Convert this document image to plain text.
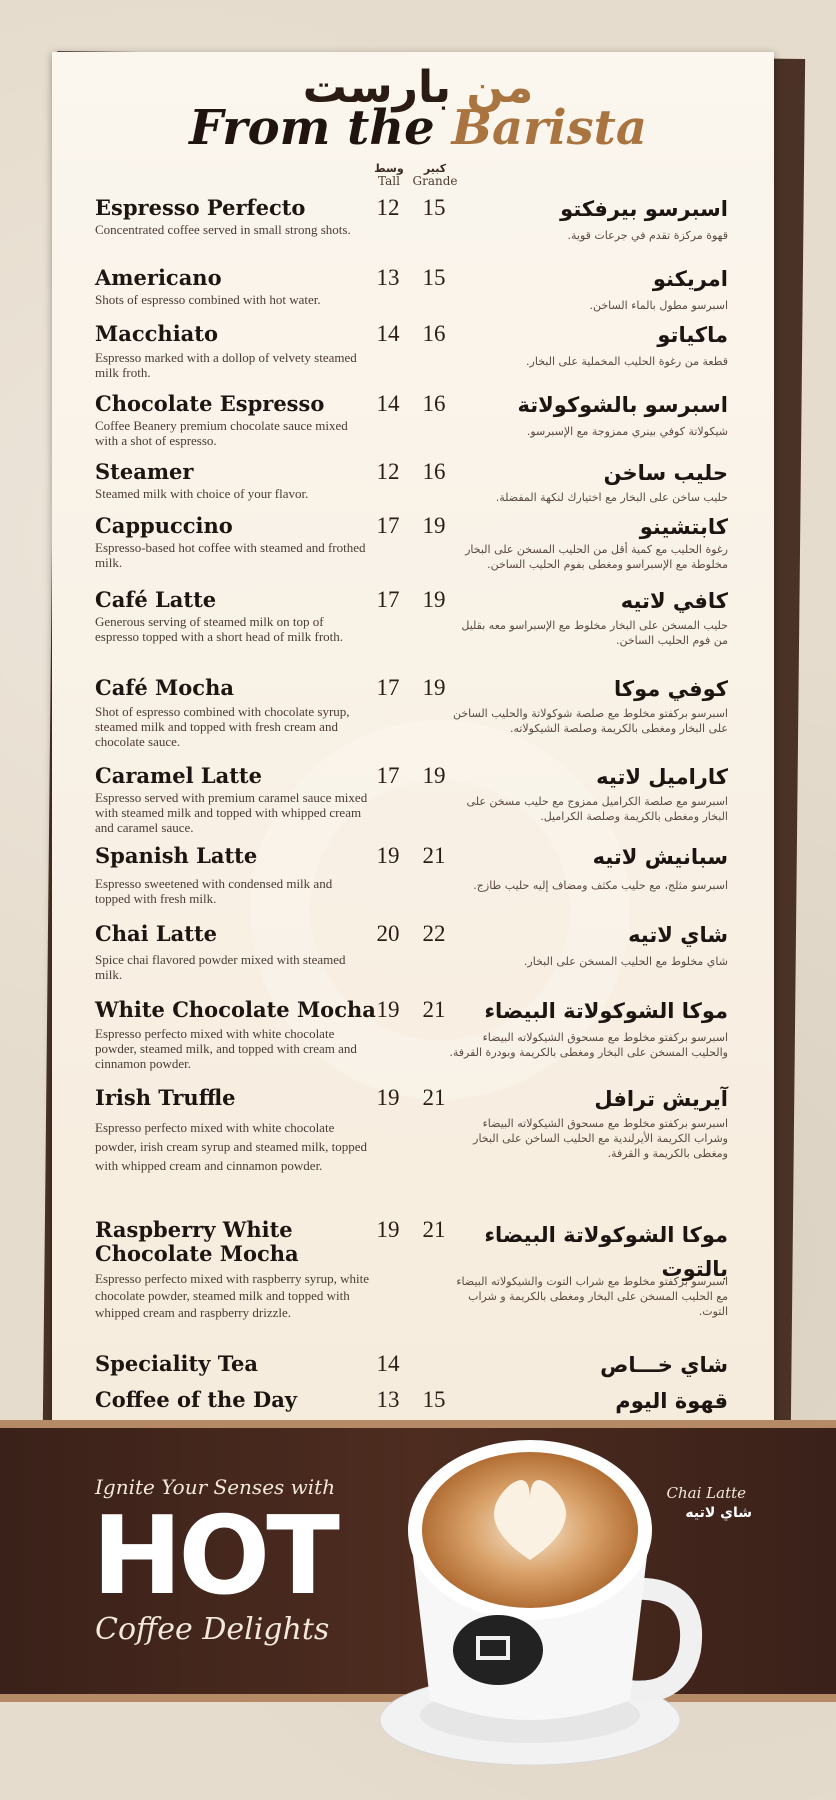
من بارست
From the Barista
وسط
Tall
كبير
Grande
Espresso Perfecto
Concentrated coffee served in small strong shots.
12	15	اسبرسو بيرفكتو
قهوة مركزة تقدم في جرعات قوية.
Americano
Shots of espresso combined with hot water.
13	15	امريكنو
اسبرسو مطول بالماء الساخن.
Macchiato
Espresso marked with a dollop of velvety steamed milk froth.
14	16	ماكياتو
قطعة من رغوة الحليب المخملية على البخار.
Chocolate Espresso
Coffee Beanery premium chocolate sauce mixed with a shot of espresso.
14	16	اسبرسو بالشوكولاتة
شيكولاتة كوفي بينري ممزوجة مع الإسبرسو.
Steamer
Steamed milk with choice of your flavor.
12	16	حليب ساخن
حليب ساخن على البخار مع اختيارك لنكهة المفضلة.
Cappuccino
Espresso-based hot coffee with steamed and frothed milk.
17	19	كابتشينو
رغوة الحليب مع كمية أقل من الحليب المسخن على البخار مخلوطة مع الإسبراسو ومغطى بفوم الحليب الساخن.
Café Latte
Generous serving of steamed milk on top of espresso topped with a short head of milk froth.
17	19	كافي لاتيه
حليب المسخن على البخار مخلوط مع الإسبراسو معه بقليل من فوم الحليب الساخن.
Café Mocha
Shot of espresso combined with chocolate syrup, steamed milk and topped with fresh cream and chocolate sauce.
17	19	كوفي موكا
اسبرسو بركفتو مخلوط مع صلصة شوكولاتة والحليب الساخن على البخار ومغطى بالكريمة وصلصة الشيكولاته.
Caramel Latte
Espresso served with premium caramel sauce mixed with steamed milk and topped with whipped cream and caramel sauce.
17	19	كاراميل لاتيه
اسبرسو مع صلصة الكراميل ممزوج مع حليب مسخن على البخار ومغطى بالكريمة وصلصة الكراميل.
Spanish Latte
Espresso sweetened with condensed milk and topped with fresh milk.
19	21	سبانيش لاتيه
اسبرسو مثلج، مع حليب مكثف ومضاف إليه حليب طازج.
Chai Latte
Spice chai flavored powder mixed with steamed milk.
20	22	شاي لاتيه
شاي مخلوط مع الحليب المسخن على البخار.
White Chocolate Mocha
Espresso perfecto mixed with white chocolate powder, steamed milk, and topped with cream and cinnamon powder.
19	21	موكا الشوكولاتة البيضاء
اسبرسو بركفتو مخلوط مع مسحوق الشيكولاته البيضاء والحليب المسخن على البخار ومغطى بالكريمة وبودرة القرفة.
Irish Truffle
Espresso perfecto mixed with white chocolate powder, irish cream syrup and steamed milk, topped with whipped cream and cinnamon powder.
19	21	آيريش ترافل
اسبرسو بركفتو مخلوط مع مسحوق الشيكولاته البيضاء وشراب الكريمة الأيرلندية مع الحليب الساخن على البخار ومغطى بالكريمة و القرفة.
Raspberry White Chocolate Mocha
Espresso perfecto mixed with raspberry syrup, white chocolate powder, steamed milk and topped with whipped cream and raspberry drizzle.
19	21	موكا الشوكولاتة البيضاء بالتوت
اسبرسو بركفتو مخلوط مع شراب التوت والشيكولاته البيضاء مع الحليب المسخن على البخار ومغطى بالكريمة و شراب التوت.
Speciality Tea	14	شاي خـــاص
Coffee of the Day	13	15	قهوة اليوم
Ignite Your Senses with
HOT
Coffee Delights
Chai Latte
شاي لاتيه
